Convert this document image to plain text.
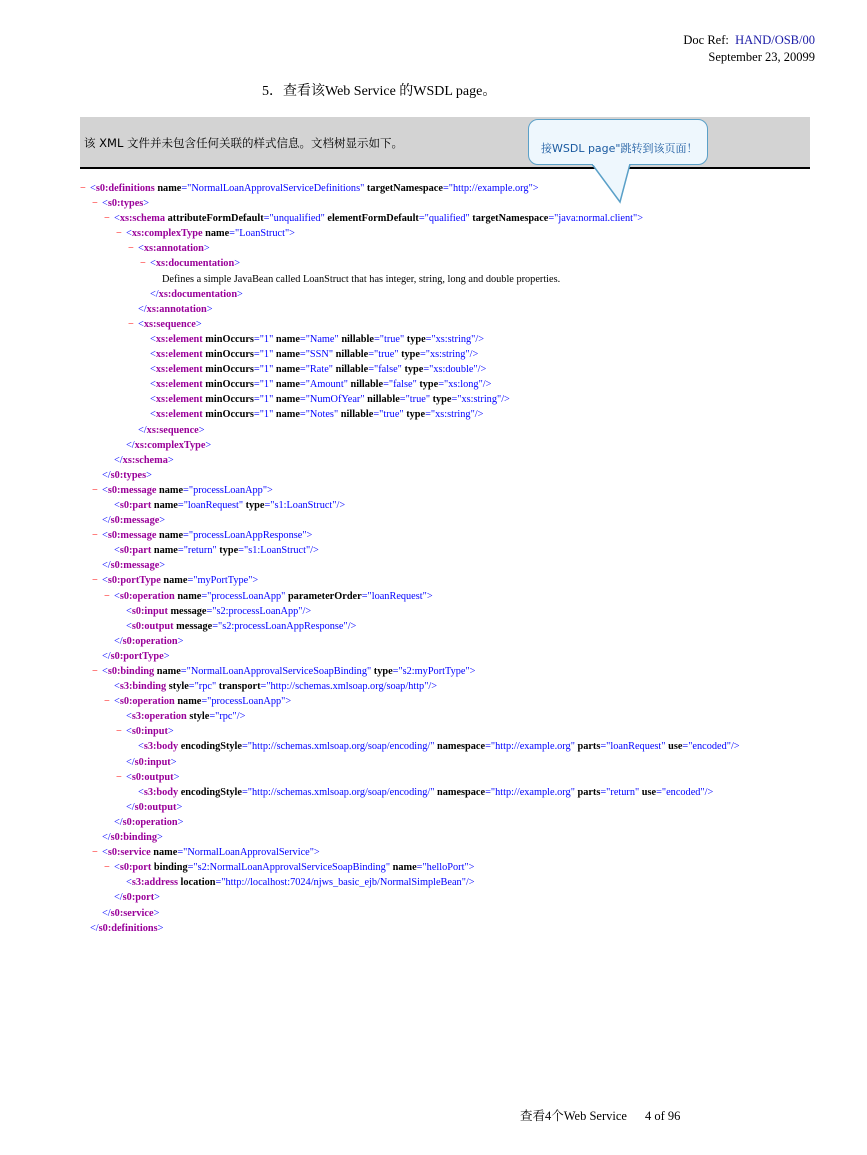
Doc Ref: HAND/OSB/00
September 23, 20099
5．查看该Web Service 的WSDL page。
该 XML 文件并未包含任何关联的样式信息。文档树显示如下。	接WSDL page"跳转到该页面！
− <s0:definitions name="NormalLoanApprovalServiceDefinitions" targetNamespace="http://example.org">
− <s0:types>
− <xs:schema attributeFormDefault="unqualified" elementFormDefault="qualified" targetNamespace="java:normal.client">
− <xs:complexType name="LoanStruct">
− <xs:annotation>
− <xs:documentation>
Defines a simple JavaBean called LoanStruct that has integer, string, long and double properties.
</xs:documentation>
</xs:annotation>
− <xs:sequence>
<xs:element minOccurs="1" name="Name" nillable="true" type="xs:string"/>
<xs:element minOccurs="1" name="SSN" nillable="true" type="xs:string"/>
<xs:element minOccurs="1" name="Rate" nillable="false" type="xs:double"/>
<xs:element minOccurs="1" name="Amount" nillable="false" type="xs:long"/>
<xs:element minOccurs="1" name="NumOfYear" nillable="true" type="xs:string"/>
<xs:element minOccurs="1" name="Notes" nillable="true" type="xs:string"/>
</xs:sequence>
</xs:complexType>
</xs:schema>
</s0:types>
− <s0:message name="processLoanApp">
<s0:part name="loanRequest" type="s1:LoanStruct"/>
</s0:message>
− <s0:message name="processLoanAppResponse">
<s0:part name="return" type="s1:LoanStruct"/>
</s0:message>
− <s0:portType name="myPortType">
− <s0:operation name="processLoanApp" parameterOrder="loanRequest">
<s0:input message="s2:processLoanApp"/>
<s0:output message="s2:processLoanAppResponse"/>
</s0:operation>
</s0:portType>
− <s0:binding name="NormalLoanApprovalServiceSoapBinding" type="s2:myPortType">
<s3:binding style="rpc" transport="http://schemas.xmlsoap.org/soap/http"/>
− <s0:operation name="processLoanApp">
<s3:operation style="rpc"/>
− <s0:input>
<s3:body encodingStyle="http://schemas.xmlsoap.org/soap/encoding/" namespace="http://example.org" parts="loanRequest" use="encoded"/>
</s0:input>
− <s0:output>
<s3:body encodingStyle="http://schemas.xmlsoap.org/soap/encoding/" namespace="http://example.org" parts="return" use="encoded"/>
</s0:output>
</s0:operation>
</s0:binding>
− <s0:service name="NormalLoanApprovalService">
− <s0:port binding="s2:NormalLoanApprovalServiceSoapBinding" name="helloPort">
<s3:address location="http://localhost:7024/njws_basic_ejb/NormalSimpleBean"/>
</s0:port>
</s0:service>
</s0:definitions>
查看4个Web Service 4 of 96
